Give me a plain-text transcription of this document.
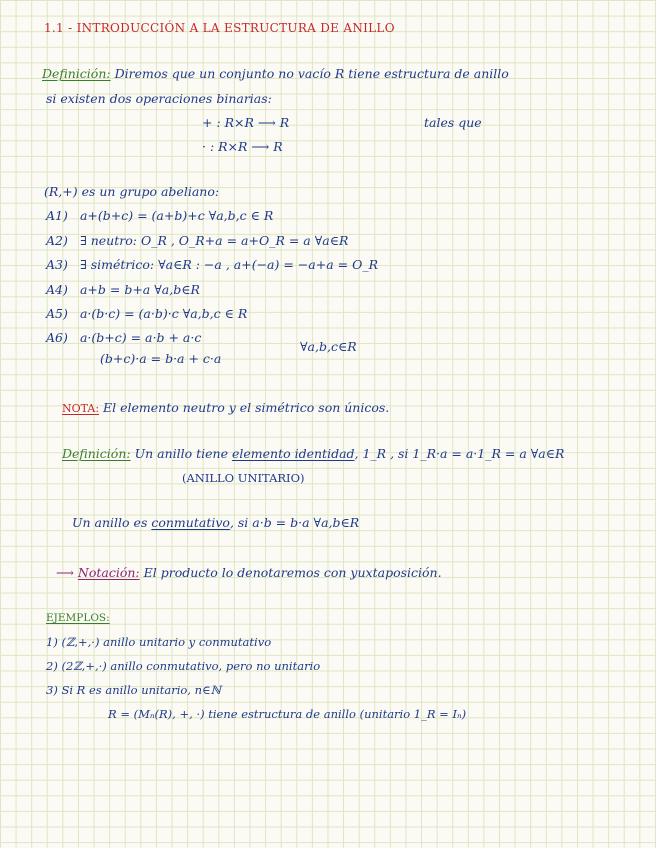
1.1 - INTRODUCCIÓN A LA ESTRUCTURA DE ANILLO
Definición: Diremos que un conjunto no vacío R tiene estructura de anillo
si existen dos operaciones binarias:
+ : R×R ⟶ R	tales que
· : R×R ⟶ R
(R,+) es un grupo abeliano:
A1) a+(b+c) = (a+b)+c ∀a,b,c ∈ R
A2) ∃ neutro: O_R , O_R+a = a+O_R = a ∀a∈R
A3) ∃ simétrico: ∀a∈R : −a , a+(−a) = −a+a = O_R
A4) a+b = b+a ∀a,b∈R
A5) a·(b·c) = (a·b)·c ∀a,b,c ∈ R
A6) a·(b+c) = a·b + a·c
∀a,b,c∈R
(b+c)·a = b·a + c·a
NOTA: El elemento neutro y el simétrico son únicos.
Definición: Un anillo tiene elemento identidad, 1_R , si 1_R·a = a·1_R = a ∀a∈R
(ANILLO UNITARIO)
Un anillo es conmutativo, si a·b = b·a ∀a,b∈R
⟶ Notación: El producto lo denotaremos con yuxtaposición.
EJEMPLOS:
1) (ℤ,+,·) anillo unitario y conmutativo
2) (2ℤ,+,·) anillo conmutativo, pero no unitario
3) Si R es anillo unitario, n∈ℕ
R = (Mₙ(R), +, ·) tiene estructura de anillo (unitario 1_R = Iₙ)
